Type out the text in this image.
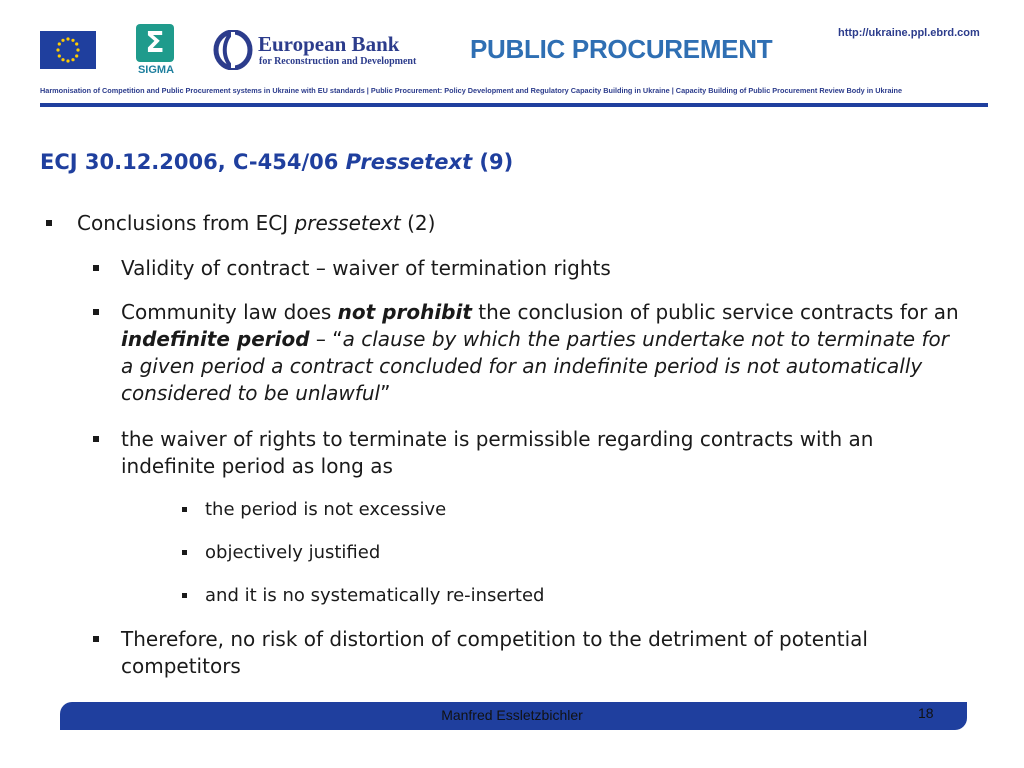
Σ
SIGMA
European Bank
for Reconstruction and Development PUBLIC PROCUREMENT
http://ukraine.ppl.ebrd.com
Harmonisation of Competition and Public Procurement systems in Ukraine with EU standards | Public Procurement: Policy Development and Regulatory Capacity Building in Ukraine | Capacity Building of Public Procurement Review Body in Ukraine
ECJ 30.12.2006, C-454/06 Pressetext (9)
Conclusions from ECJ pressetext (2)
Validity of contract – waiver of termination rights
Community law does not prohibit the conclusion of public service contracts for an indefinite period – “a clause by which the parties undertake not to terminate for a given period a contract concluded for an indefinite period is not automatically considered to be unlawful”
the waiver of rights to terminate is permissible regarding contracts with an indefinite period as long as
the period is not excessive
objectively justified
and it is no systematically re-inserted
Therefore, no risk of distortion of competition to the detriment of potential competitors
Manfred Essletzbichler	18
